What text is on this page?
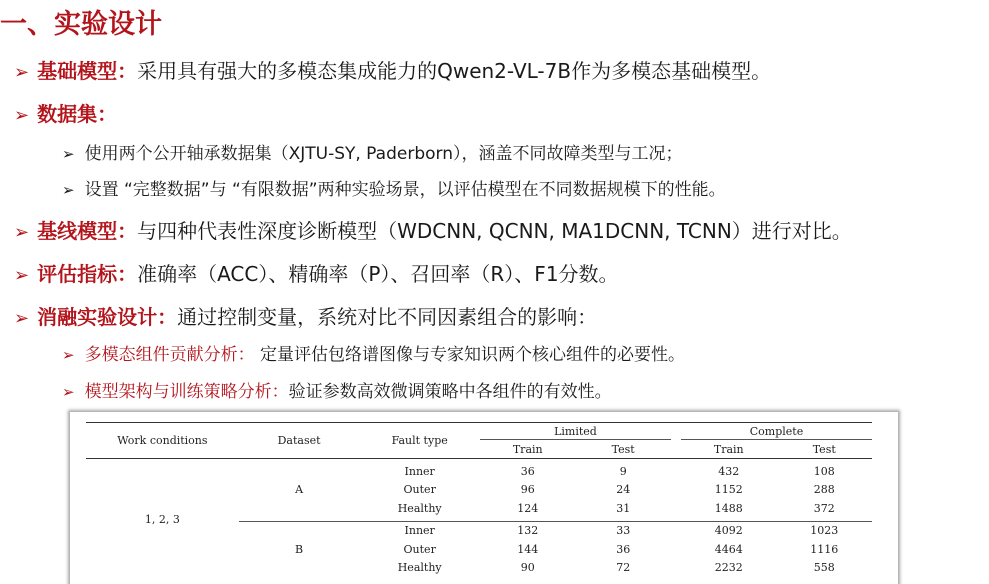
一、实验设计
➢ 基础模型：采用具有强大的多模态集成能力的Qwen2-VL-7B作为多模态基础模型。
➢ 数据集：
➢ 使用两个公开轴承数据集（XJTU-SY, Paderborn），涵盖不同故障类型与工况；
➢ 设置 “完整数据”与 “有限数据”两种实验场景，以评估模型在不同数据规模下的性能。
➢ 基线模型：与四种代表性深度诊断模型（WDCNN, QCNN, MA1DCNN, TCNN）进行对比。
➢ 评估指标：准确率（ACC）、精确率（P）、召回率（R）、F1分数。
➢ 消融实验设计：通过控制变量，系统对比不同因素组合的影响：
➢ 多模态组件贡献分析： 定量评估包络谱图像与专家知识两个核心组件的必要性。
➢ 模型架构与训练策略分析：验证参数高效微调策略中各组件的有效性。
Work conditions	Dataset	Fault type	Limited			Complete	
			Train	Test		Train	Test

1, 2, 3	A	Inner	36	9		432	108
		Outer	96	24		1152	288
		Healthy	124	31		1488	372

	B	Inner	132	33		4092	1023
		Outer	144	36		4464	1116
		Healthy	90	72		2232	558
